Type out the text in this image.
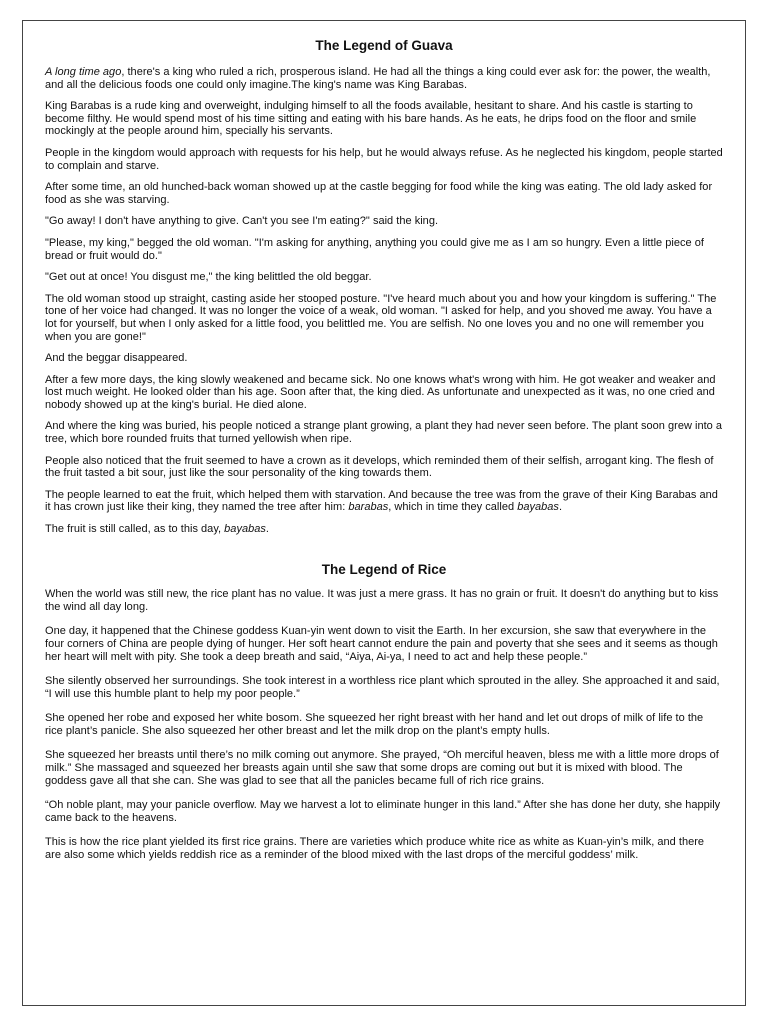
The Legend of Guava

A long time ago, there's a king who ruled a rich, prosperous island. He had all the things a king could ever ask for: the power, the wealth, and all the delicious foods one could only imagine.The king's name was King Barabas.

King Barabas is a rude king and overweight, indulging himself to all the foods available, hesitant to share. And his castle is starting to become filthy. He would spend most of his time sitting and eating with his bare hands. As he eats, he drips food on the floor and smile mockingly at the people around him, specially his servants.

People in the kingdom would approach with requests for his help, but he would always refuse. As he neglected his kingdom, people started to complain and starve.

After some time, an old hunched-back woman showed up at the castle begging for food while the king was eating. The old lady asked for food as she was starving.

"Go away! I don't have anything to give. Can't you see I'm eating?" said the king.

"Please, my king," begged the old woman. "I'm asking for anything, anything you could give me as I am so hungry. Even a little piece of bread or fruit would do."

"Get out at once! You disgust me," the king belittled the old beggar.

The old woman stood up straight, casting aside her stooped posture. "I've heard much about you and how your kingdom is suffering." The tone of her voice had changed. It was no longer the voice of a weak, old woman. "I asked for help, and you shoved me away. You have a lot for yourself, but when I only asked for a little food, you belittled me. You are selfish. No one loves you and no one will remember you when you are gone!"

And the beggar disappeared.

After a few more days, the king slowly weakened and became sick. No one knows what's wrong with him. He got weaker and weaker and lost much weight. He looked older than his age. Soon after that, the king died. As unfortunate and unexpected as it was, no one cried and nobody showed up at the king's burial. He died alone.

And where the king was buried, his people noticed a strange plant growing, a plant they had never seen before. The plant soon grew into a tree, which bore rounded fruits that turned yellowish when ripe.

People also noticed that the fruit seemed to have a crown as it develops, which reminded them of their selfish, arrogant king. The flesh of the fruit tasted a bit sour, just like the sour personality of the king towards them.

The people learned to eat the fruit, which helped them with starvation. And because the tree was from the grave of their King Barabas and it has crown just like their king, they named the tree after him: barabas, which in time they called bayabas.

The fruit is still called, as to this day, bayabas.

The Legend of Rice

When the world was still new, the rice plant has no value. It was just a mere grass. It has no grain or fruit. It doesn't do anything but to kiss the wind all day long.

One day, it happened that the Chinese goddess Kuan-yin went down to visit the Earth. In her excursion, she saw that everywhere in the four corners of China are people dying of hunger. Her soft heart cannot endure the pain and poverty that she sees and it seems as though her heart will melt with pity. She took a deep breath and said, “Aiya, Ai-ya, I need to act and help these people.”

She silently observed her surroundings. She took interest in a worthless rice plant which sprouted in the alley. She approached it and said, “I will use this humble plant to help my poor people.”

She opened her robe and exposed her white bosom. She squeezed her right breast with her hand and let out drops of milk of life to the rice plant’s panicle. She also squeezed her other breast and let the milk drop on the plant’s empty hulls.

She squeezed her breasts until there’s no milk coming out anymore. She prayed, “Oh merciful heaven, bless me with a little more drops of milk.” She massaged and squeezed her breasts again until she saw that some drops are coming out but it is mixed with blood. The goddess gave all that she can. She was glad to see that all the panicles became full of rich rice grains.

“Oh noble plant, may your panicle overflow. May we harvest a lot to eliminate hunger in this land.” After she has done her duty, she happily came back to the heavens.

This is how the rice plant yielded its first rice grains. There are varieties which produce white rice as white as Kuan-yin’s milk, and there are also some which yields reddish rice as a reminder of the blood mixed with the last drops of the merciful goddess’ milk.
